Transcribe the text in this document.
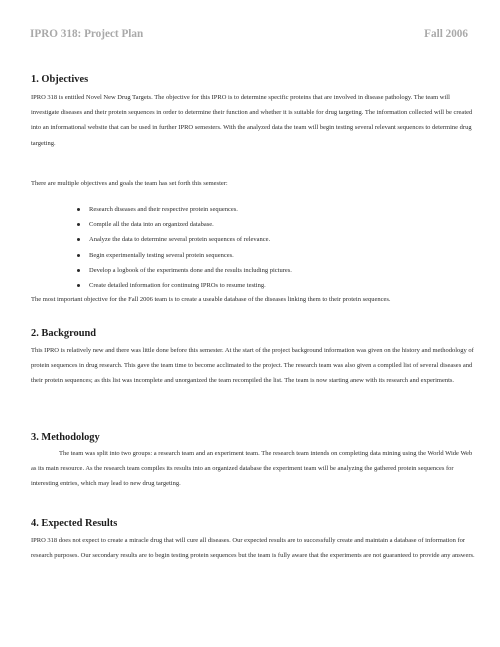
IPRO 318: Project Plan	Fall 2006
1. Objectives

IPRO 318 is entitled Novel New Drug Targets. The objective for this IPRO is to determine specific proteins that are involved in disease pathology. The team will investigate diseases and their protein sequences in order to determine their function and whether it is suitable for drug targeting. The information collected will be created into an informational website that can be used in further IPRO semesters. With the analyzed data the team will begin testing several relevant sequences to determine drug targeting.

There are multiple objectives and goals the team has set forth this semester:

Research diseases and their respective protein sequences.
Compile all the data into an organized database.
Analyze the data to determine several protein sequences of relevance.
Begin experimentally testing several protein sequences.
Develop a logbook of the experiments done and the results including pictures.
Create detailed information for continuing IPROs to resume testing.

The most important objective for the Fall 2006 team is to create a useable database of the diseases linking them to their protein sequences.

2. Background

This IPRO is relatively new and there was little done before this semester. At the start of the project background information was given on the history and methodology of protein sequences in drug research. This gave the team time to become acclimated to the project. The research team was also given a compiled list of several diseases and their protein sequences; as this list was incomplete and unorganized the team recompiled the list. The team is now starting anew with its research and experiments.

3. Methodology

The team was split into two groups: a research team and an experiment team. The research team intends on completing data mining using the World Wide Web as its main resource. As the research team compiles its results into an organized database the experiment team will be analyzing the gathered protein sequences for interesting entries, which may lead to new drug targeting.

4. Expected Results

IPRO 318 does not expect to create a miracle drug that will cure all diseases. Our expected results are to successfully create and maintain a database of information for research purposes. Our secondary results are to begin testing protein sequences but the team is fully aware that the experiments are not guaranteed to provide any answers.
